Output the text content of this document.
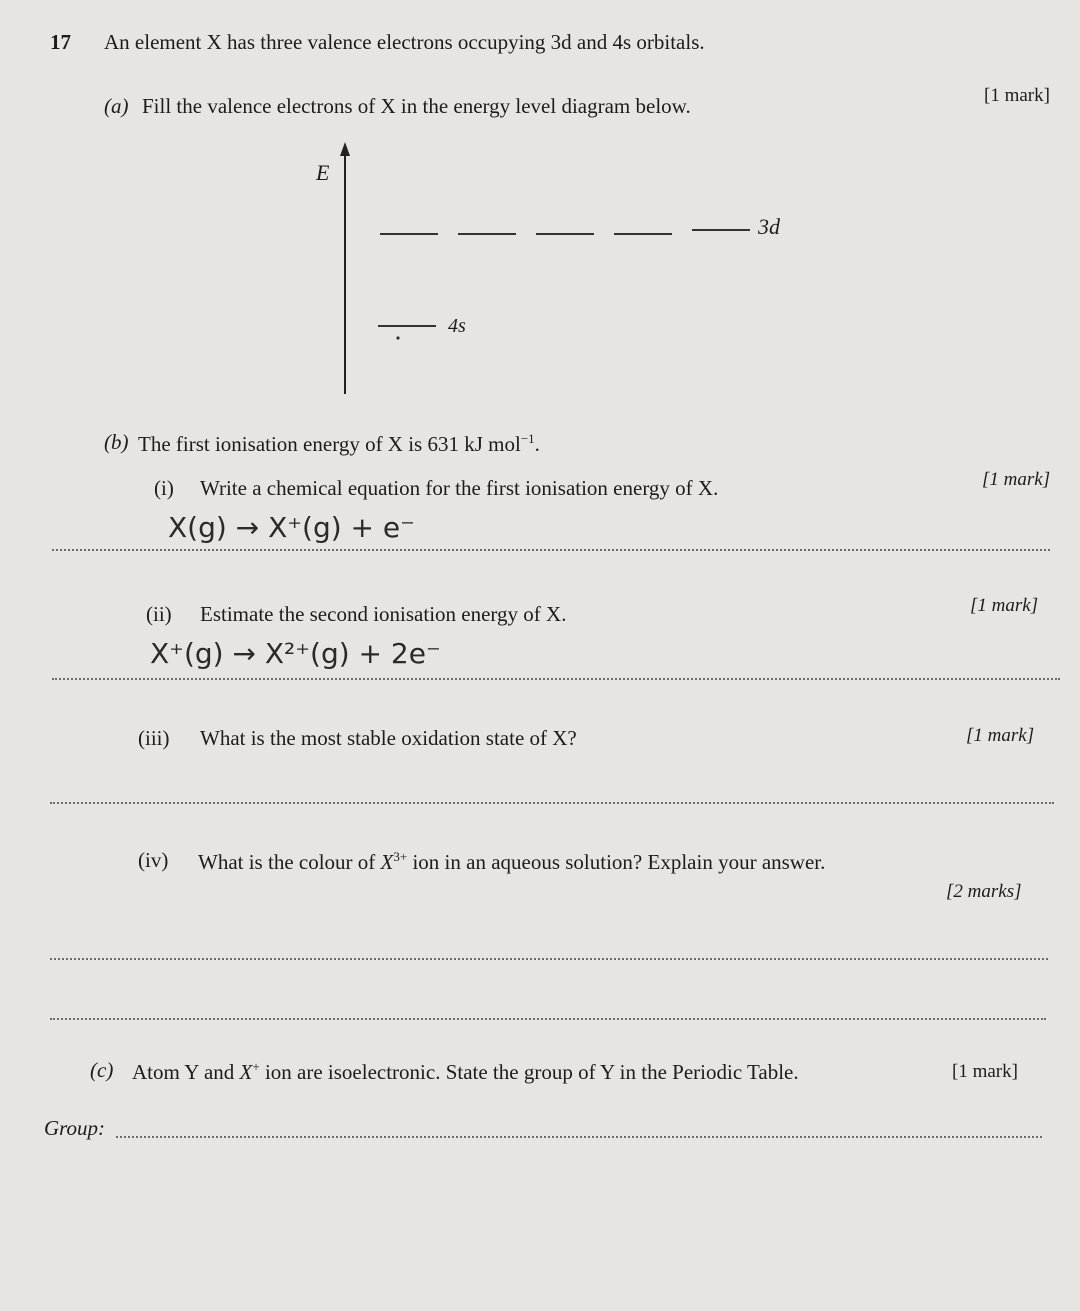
17 An element X has three valence electrons occupying 3d and 4s orbitals.
(a) Fill the valence electrons of X in the energy level diagram below.	[1 mark]
E
3d
4s
(b) The first ionisation energy of X is 631 kJ mol$^{-1}$.
(i) Write a chemical equation for the first ionisation energy of X.	[1 mark]
X(g) → X⁺(g) + e⁻
(ii) Estimate the second ionisation energy of X.	[1 mark]
X⁺(g) → X²⁺(g) + 2e⁻
(iii) What is the most stable oxidation state of X?	[1 mark]
(iv) What is the colour of $X^{3+}$ ion in an aqueous solution? Explain your answer.
[2 marks]
(c) Atom Y and X+ ion are isoelectronic. State the group of Y in the Periodic Table.	[1 mark]
Group:
